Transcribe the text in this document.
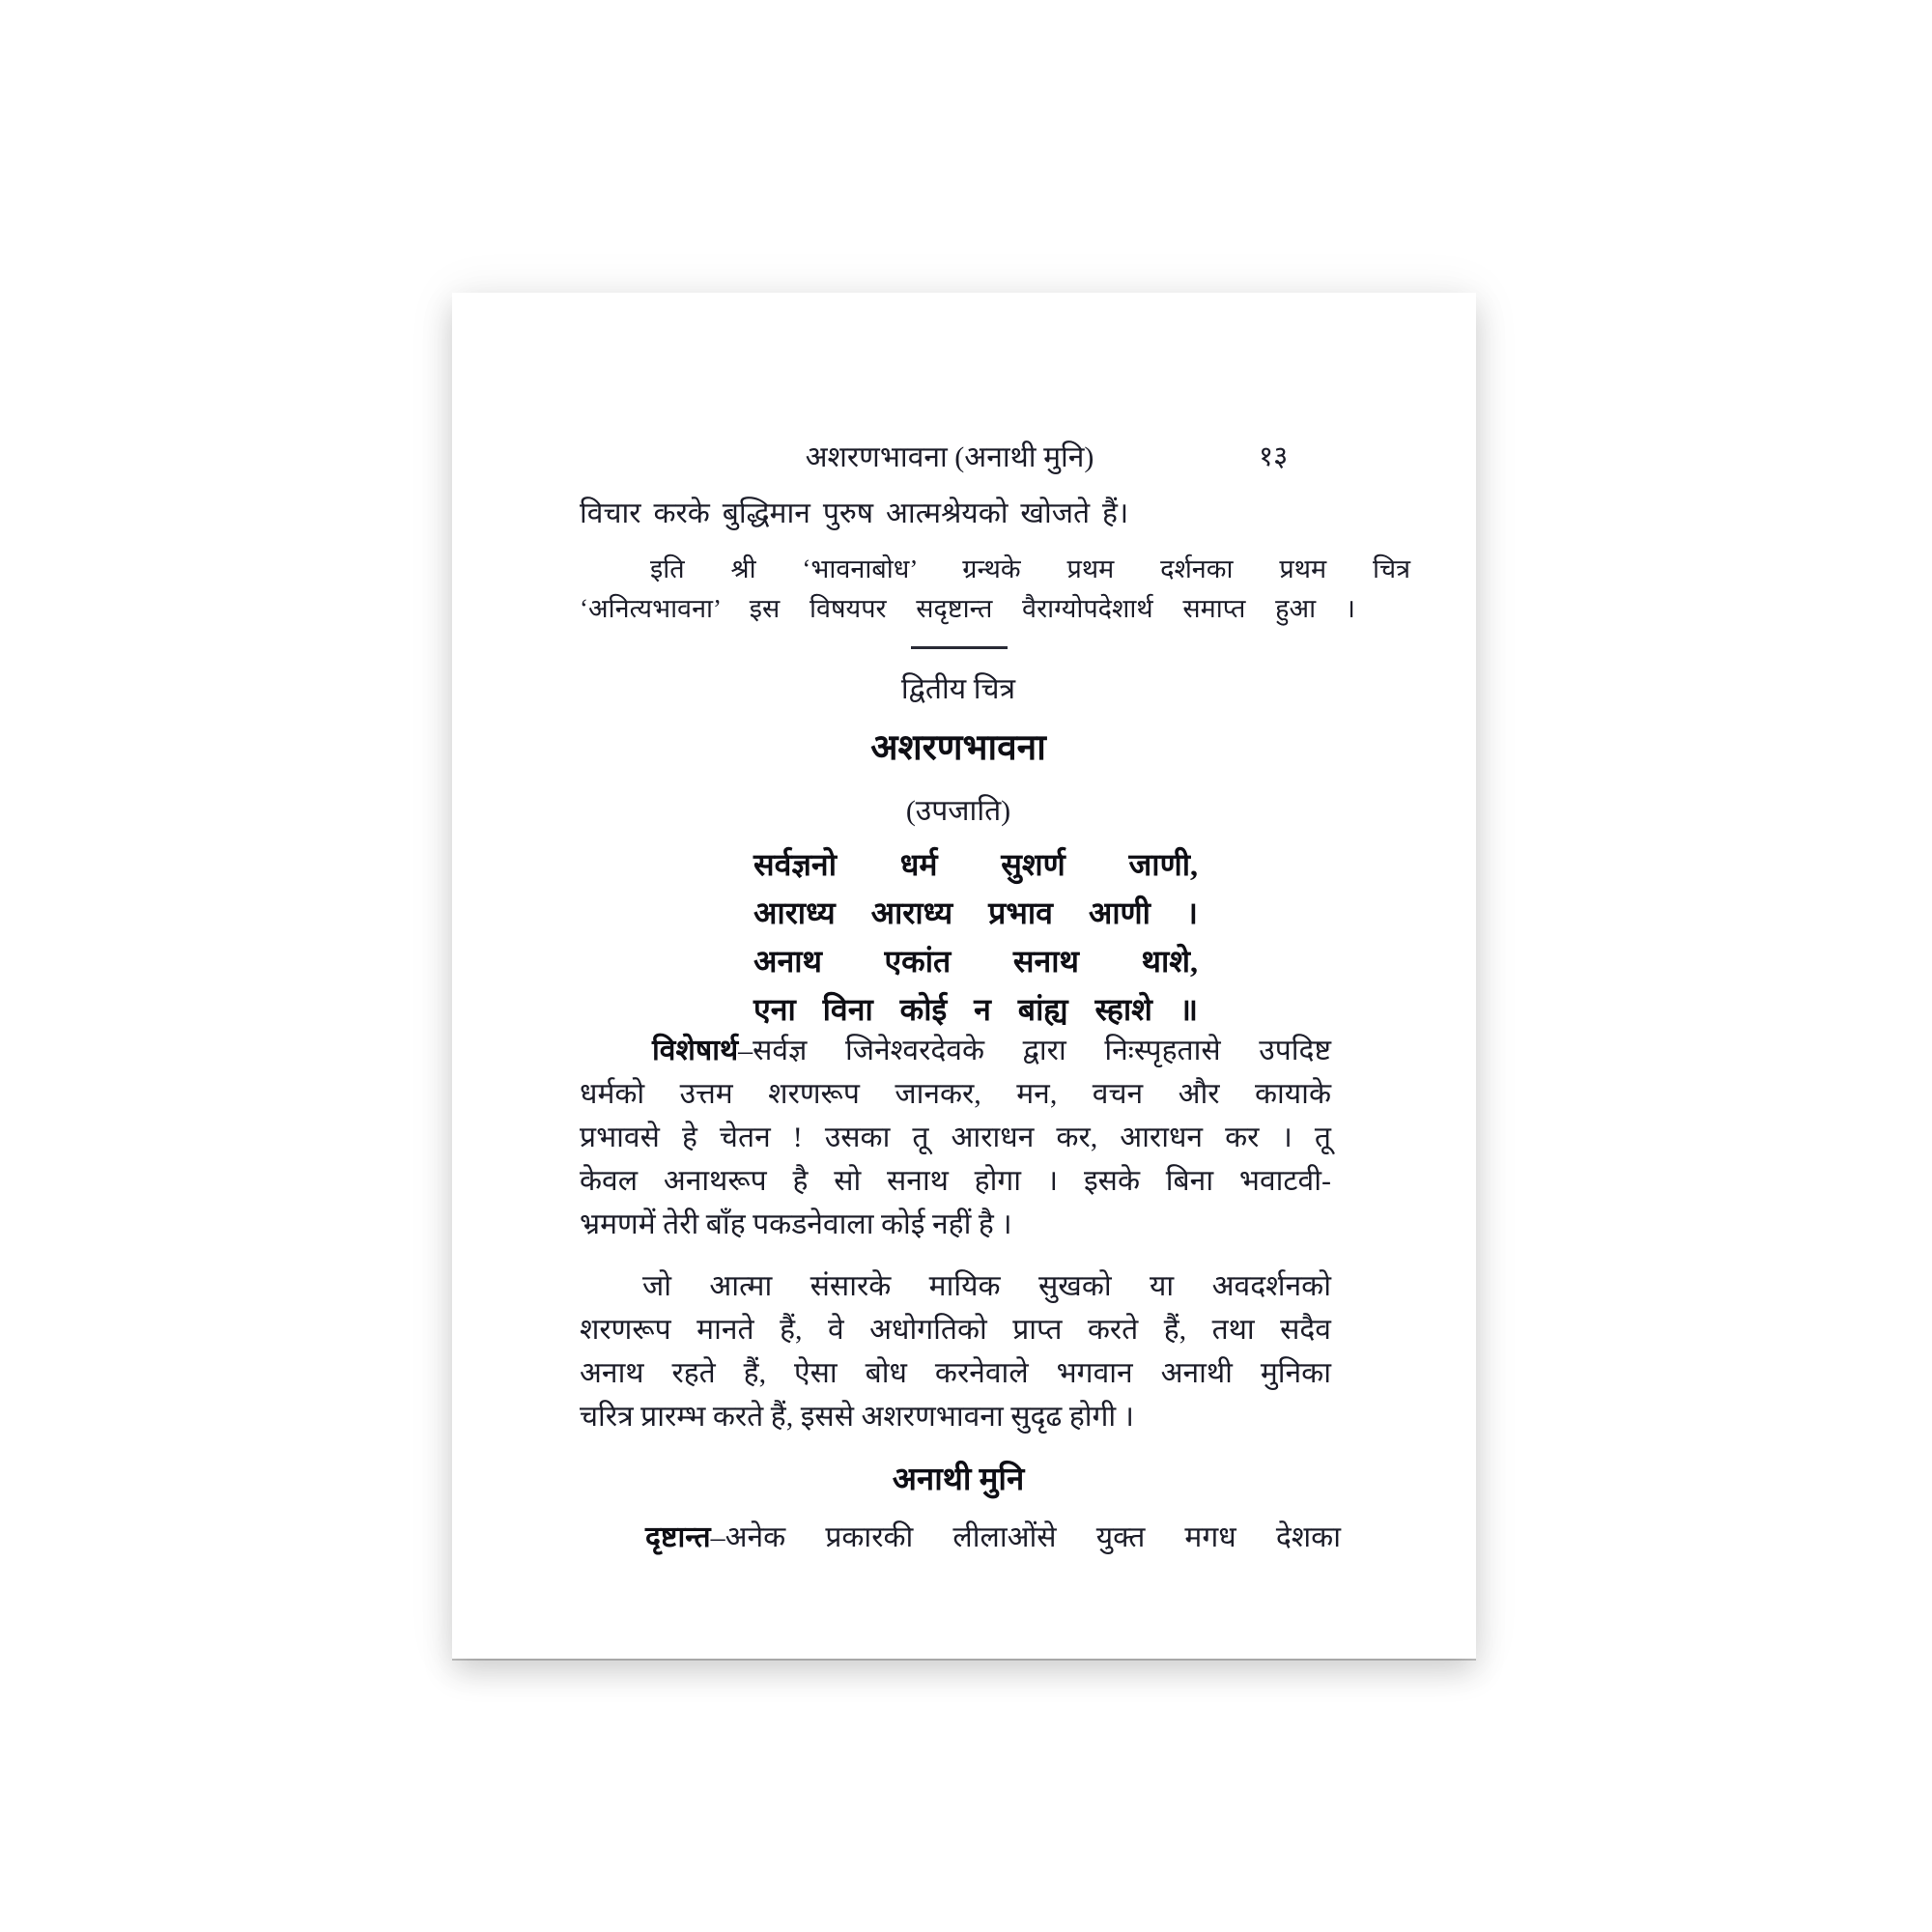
अशरणभावना (अनाथी मुनि)	१३
विचार करके बुद्धिमान पुरुष आत्मश्रेयको खोजते हैं।
इति श्री ‘भावनाबोध’ ग्रन्थके प्रथम दर्शनका प्रथम चित्र
‘अनित्यभावना’ इस विषयपर सदृष्टान्त वैराग्योपदेशार्थ समाप्त हुआ ।
द्वितीय चित्र
अशरणभावना
(उपजाति)
सर्वज्ञनो धर्म सुशर्ण जाणी,
आराध्य आराध्य प्रभाव आणी ।
अनाथ एकांत सनाथ थाशे,
एना विना कोई न बांह्य स्हाशे ॥
विशेषार्थ–सर्वज्ञ जिनेश्वरदेवके द्वारा निःस्पृहतासे उपदिष्ट
धर्मको उत्तम शरणरूप जानकर, मन, वचन और कायाके
प्रभावसे हे चेतन ! उसका तू आराधन कर, आराधन कर । तू
केवल अनाथरूप है सो सनाथ होगा । इसके बिना भवाटवी-
भ्रमणमें तेरी बाँह पकडनेवाला कोई नहीं है ।
जो आत्मा संसारके मायिक सुखको या अवदर्शनको
शरणरूप मानते हैं, वे अधोगतिको प्राप्त करते हैं, तथा सदैव
अनाथ रहते हैं, ऐसा बोध करनेवाले भगवान अनाथी मुनिका
चरित्र प्रारम्भ करते हैं, इससे अशरणभावना सुदृढ होगी ।
अनाथी मुनि
दृष्टान्त–अनेक प्रकारकी लीलाओंसे युक्त मगध देशका
